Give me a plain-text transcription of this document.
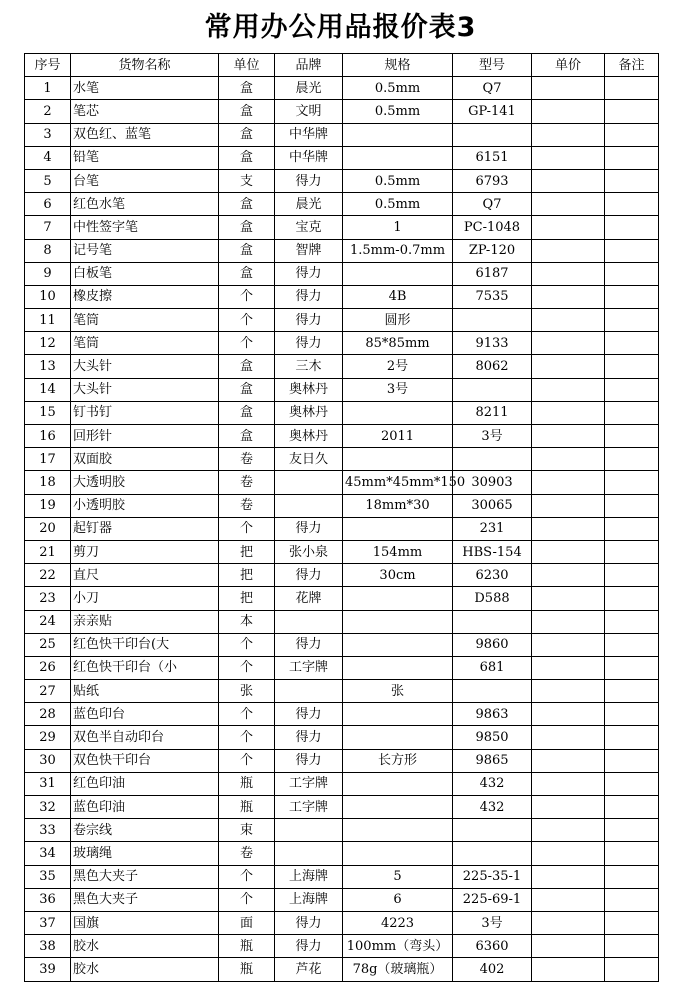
常用办公用品报价表3
序号	货物名称	单位	品牌	规格	型号	单价	备注
1	水笔	盒	晨光	0.5mm	Q7		
2	笔芯	盒	文明	0.5mm	GP-141		
3	双色红、蓝笔	盒	中华牌				
4	铅笔	盒	中华牌		6151		
5	台笔	支	得力	0.5mm	6793		
6	红色水笔	盒	晨光	0.5mm	Q7		
7	中性签字笔	盒	宝克	1	PC-1048		
8	记号笔	盒	智牌	1.5mm-0.7mm	ZP-120		
9	白板笔	盒	得力		6187		
10	橡皮擦	个	得力	4B	7535		
11	笔筒	个	得力	圆形			
12	笔筒	个	得力	85*85mm	9133		
13	大头针	盒	三木	2号	8062		
14	大头针	盒	奥林丹	3号			
15	钉书钉	盒	奥林丹		8211		
16	回形针	盒	奥林丹	2011	3号		
17	双面胶	卷	友日久				
18	大透明胶	卷		45mm*45mm*150	30903		
19	小透明胶	卷		18mm*30	30065		
20	起钉器	个	得力		231		
21	剪刀	把	张小泉	154mm	HBS-154		
22	直尺	把	得力	30cm	6230		
23	小刀	把	花牌		D588		
24	亲亲贴	本					
25	红色快干印台(大	个	得力		9860		
26	红色快干印台（小	个	工字牌		681		
27	贴纸	张		张			
28	蓝色印台	个	得力		9863		
29	双色半自动印台	个	得力		9850		
30	双色快干印台	个	得力	长方形	9865		
31	红色印油	瓶	工字牌		432		
32	蓝色印油	瓶	工字牌		432		
33	卷宗线	束					
34	玻璃绳	卷					
35	黑色大夹子	个	上海牌	5	225-35-1		
36	黑色大夹子	个	上海牌	6	225-69-1		
37	国旗	面	得力	4223	3号		
38	胶水	瓶	得力	100mm（弯头）	6360		
39	胶水	瓶	芦花	78g（玻璃瓶）	402		
